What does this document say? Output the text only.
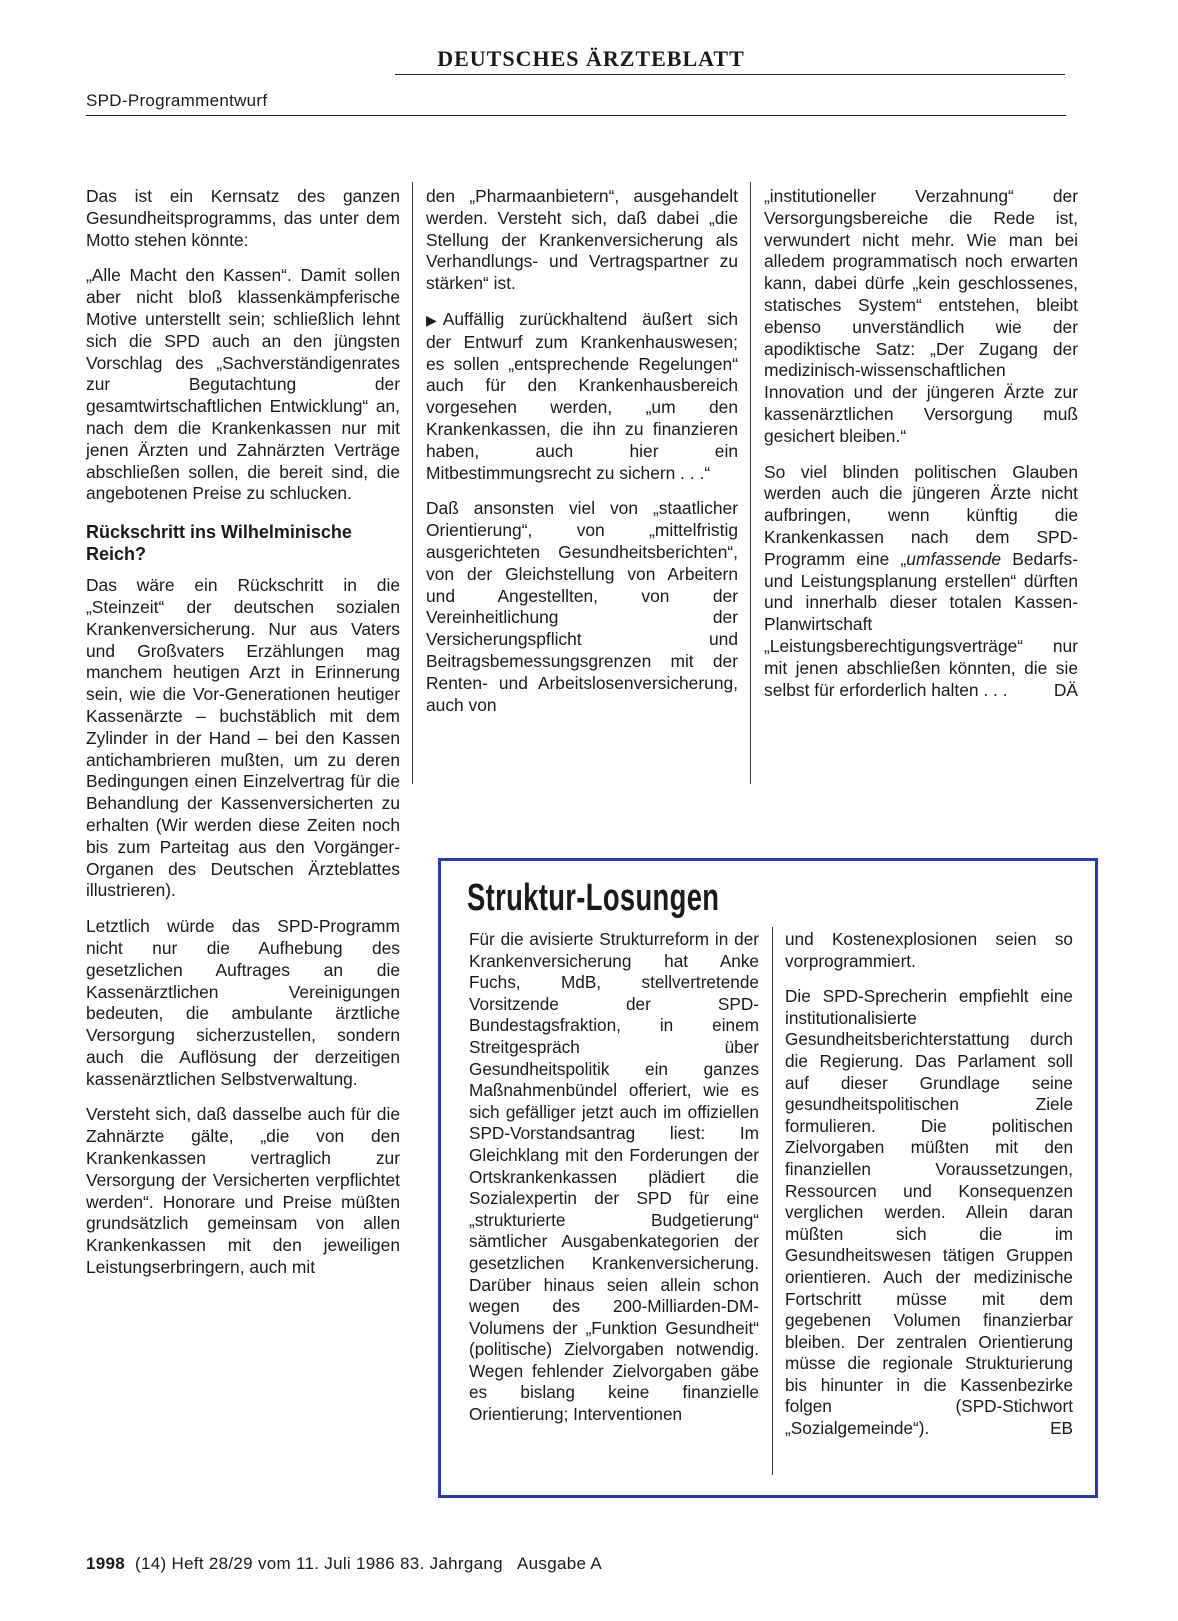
DEUTSCHES ÄRZTEBLATT
SPD-Programmentwurf

Das ist ein Kernsatz des ganzen Gesundheitsprogramms, das unter dem Motto stehen könnte:

„Alle Macht den Kassen“. Damit sollen aber nicht bloß klassenkämpferische Motive unterstellt sein; schließlich lehnt sich die SPD auch an den jüngsten Vorschlag des „Sachverständigenrates zur Begutachtung der gesamtwirtschaftlichen Entwicklung“ an, nach dem die Krankenkassen nur mit jenen Ärzten und Zahnärzten Verträge abschließen sollen, die bereit sind, die angebotenen Preise zu schlucken.

Rückschritt ins Wilhelminische Reich?

Das wäre ein Rückschritt in die „Steinzeit“ der deutschen sozialen Krankenversicherung. Nur aus Vaters und Großvaters Erzählungen mag manchem heutigen Arzt in Erinnerung sein, wie die Vor-Generationen heutiger Kassenärzte – buchstäblich mit dem Zylinder in der Hand – bei den Kassen antichambrieren mußten, um zu deren Bedingungen einen Einzelvertrag für die Behandlung der Kassenversicherten zu erhalten (Wir werden diese Zeiten noch bis zum Parteitag aus den Vorgänger-Organen des Deutschen Ärzteblattes illustrieren).

Letztlich würde das SPD-Programm nicht nur die Aufhebung des gesetzlichen Auftrages an die Kassenärztlichen Vereinigungen bedeuten, die ambulante ärztliche Versorgung sicherzustellen, sondern auch die Auflösung der derzeitigen kassenärztlichen Selbstverwaltung.

Versteht sich, daß dasselbe auch für die Zahnärzte gälte, „die von den Krankenkassen vertraglich zur Versorgung der Versicherten verpflichtet werden“. Honorare und Preise müßten grundsätzlich gemeinsam von allen Krankenkassen mit den jeweiligen Leistungserbringern, auch mit

den „Pharmaanbietern“, ausgehandelt werden. Versteht sich, daß dabei „die Stellung der Krankenversicherung als Verhandlungs- und Vertragspartner zu stärken“ ist.

▶ Auffällig zurückhaltend äußert sich der Entwurf zum Krankenhauswesen; es sollen „entsprechende Regelungen“ auch für den Krankenhausbereich vorgesehen werden, „um den Krankenkassen, die ihn zu finanzieren haben, auch hier ein Mitbestimmungsrecht zu sichern . . .“

Daß ansonsten viel von „staatlicher Orientierung“, von „mittelfristig ausgerichteten Gesundheitsberichten“, von der Gleichstellung von Arbeitern und Angestellten, von der Vereinheitlichung der Versicherungspflicht und Beitragsbemessungsgrenzen mit der Renten- und Arbeitslosenversicherung, auch von

„institutioneller Verzahnung“ der Versorgungsbereiche die Rede ist, verwundert nicht mehr. Wie man bei alledem programmatisch noch erwarten kann, dabei dürfe „kein geschlossenes, statisches System“ entstehen, bleibt ebenso unverständlich wie der apodiktische Satz: „Der Zugang der medizinisch-wissenschaftlichen Innovation und der jüngeren Ärzte zur kassenärztlichen Versorgung muß gesichert bleiben.“

So viel blinden politischen Glauben werden auch die jüngeren Ärzte nicht aufbringen, wenn künftig die Krankenkassen nach dem SPD-Programm eine „umfassende Bedarfs- und Leistungsplanung erstellen“ dürften und innerhalb dieser totalen Kassen-Planwirtschaft „Leistungsberechtigungsverträge“ nur mit jenen abschließen könnten, die sie selbst für erforderlich halten . . .	DÄ

Struktur-Losungen

Für die avisierte Strukturreform in der Krankenversicherung hat Anke Fuchs, MdB, stellvertretende Vorsitzende der SPD-Bundestagsfraktion, in einem Streitgespräch über Gesundheitspolitik ein ganzes Maßnahmenbündel offeriert, wie es sich gefälliger jetzt auch im offiziellen SPD-Vorstandsantrag liest: Im Gleichklang mit den Forderungen der Ortskrankenkassen plädiert die Sozialexpertin der SPD für eine „strukturierte Budgetierung“ sämtlicher Ausgabenkategorien der gesetzlichen Krankenversicherung. Darüber hinaus seien allein schon wegen des 200-Milliarden-DM-Volumens der „Funktion Gesundheit“ (politische) Zielvorgaben notwendig. Wegen fehlender Zielvorgaben gäbe es bislang keine finanzielle Orientierung; Interventionen

und Kostenexplosionen seien so vorprogrammiert.

Die SPD-Sprecherin empfiehlt eine institutionalisierte Gesundheitsberichterstattung durch die Regierung. Das Parlament soll auf dieser Grundlage seine gesundheitspolitischen Ziele formulieren. Die politischen Zielvorgaben müßten mit den finanziellen Voraussetzungen, Ressourcen und Konsequenzen verglichen werden. Allein daran müßten sich die im Gesundheitswesen tätigen Gruppen orientieren. Auch der medizinische Fortschritt müsse mit dem gegebenen Volumen finanzierbar bleiben. Der zentralen Orientierung müsse die regionale Strukturierung bis hinunter in die Kassenbezirke folgen (SPD-Stichwort „Sozialgemeinde“).	EB

1998 (14) Heft 28/29 vom 11. Juli 1986 83. Jahrgang   Ausgabe A
